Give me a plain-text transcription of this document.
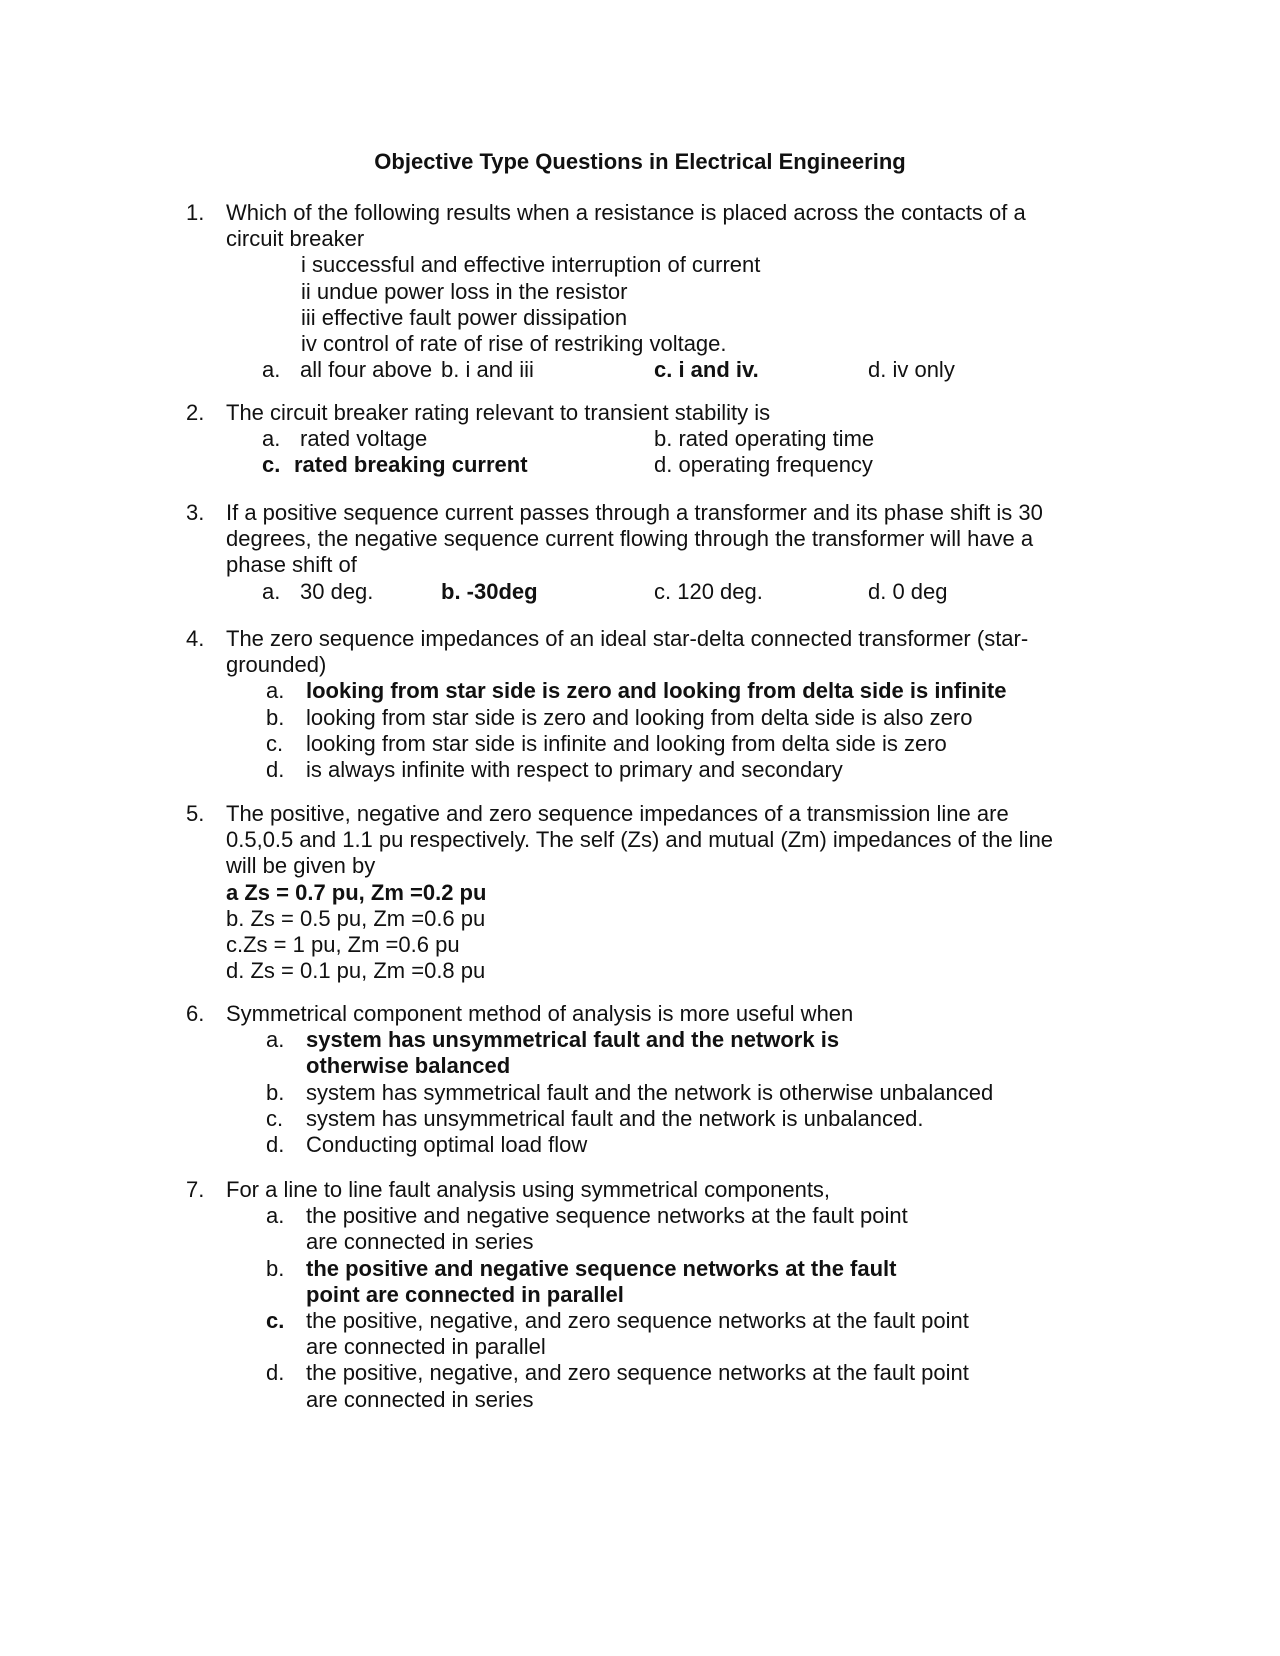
Objective Type Questions in Electrical Engineering
1. Which of the following results when a resistance is placed across the contacts of a circuit breaker
i successful and effective interruption of current
ii undue power loss in the resistor
iii effective fault power dissipation
iv control of rate of rise of restriking voltage.
a. all four above b. i and iii	c. i and iv.	d. iv only
2. The circuit breaker rating relevant to transient stability is
a. rated voltage	b. rated operating time
c. rated breaking current	d. operating frequency
3. If a positive sequence current passes through a transformer and its phase shift is 30 degrees, the negative sequence current flowing through the transformer will have a phase shift of
a. 30 deg.	b. -30deg	c. 120 deg.	d. 0 deg
4. The zero sequence impedances of an ideal star-delta connected transformer (star-grounded)
a. looking from star side is zero and looking from delta side is infinite
b. looking from star side is zero and looking from delta side is also zero
c. looking from star side is infinite and looking from delta side is zero
d. is always infinite with respect to primary and secondary
5. The positive, negative and zero sequence impedances of a transmission line are 0.5,0.5 and 1.1 pu respectively. The self (Zs) and mutual (Zm) impedances of the line will be given by
a Zs = 0.7 pu, Zm =0.2 pu
b. Zs = 0.5 pu, Zm =0.6 pu
c.Zs = 1 pu, Zm =0.6 pu
d. Zs = 0.1 pu, Zm =0.8 pu
6. Symmetrical component method of analysis is more useful when
a. system has unsymmetrical fault and the network is otherwise balanced
b. system has symmetrical fault and the network is otherwise unbalanced
c. system has unsymmetrical fault and the network is unbalanced.
d. Conducting optimal load flow
7. For a line to line fault analysis using symmetrical components,
a. the positive and negative sequence networks at the fault point are connected in series
b. the positive and negative sequence networks at the fault point are connected in parallel
c. the positive, negative, and zero sequence networks at the fault point are connected in parallel
d. the positive, negative, and zero sequence networks at the fault point are connected in series
